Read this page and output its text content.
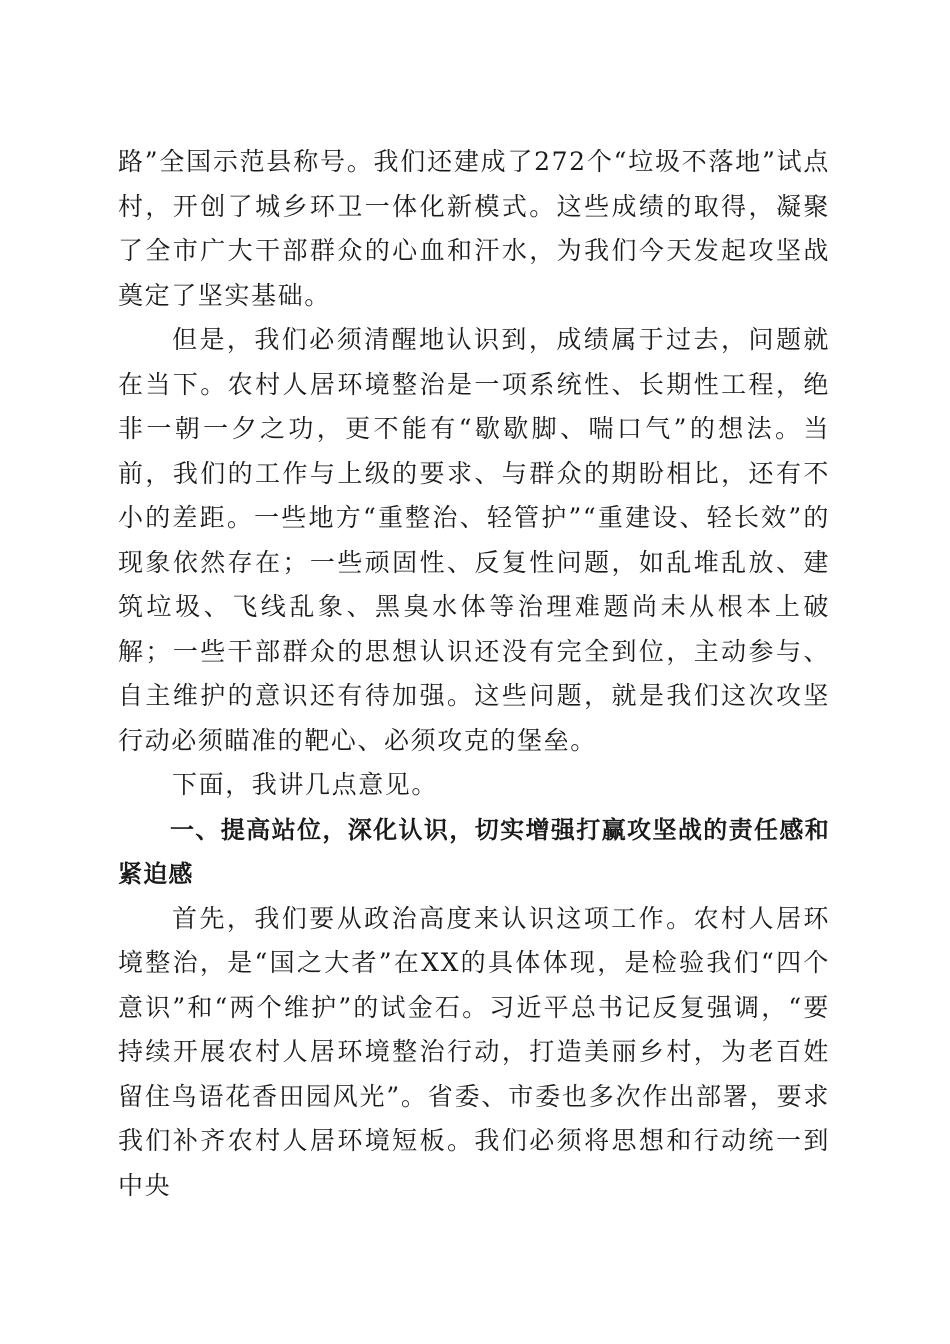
路”全国示范县称号。我们还建成了272个“垃圾不落地”试点村，开创了城乡环卫一体化新模式。这些成绩的取得，凝聚了全市广大干部群众的心血和汗水，为我们今天发起攻坚战奠定了坚实基础。

但是，我们必须清醒地认识到，成绩属于过去，问题就在当下。农村人居环境整治是一项系统性、长期性工程，绝非一朝一夕之功，更不能有“歇歇脚、喘口气”的想法。当前，我们的工作与上级的要求、与群众的期盼相比，还有不小的差距。一些地方“重整治、轻管护”“重建设、轻长效”的现象依然存在；一些顽固性、反复性问题，如乱堆乱放、建筑垃圾、飞线乱象、黑臭水体等治理难题尚未从根本上破解；一些干部群众的思想认识还没有完全到位，主动参与、自主维护的意识还有待加强。这些问题，就是我们这次攻坚行动必须瞄准的靶心、必须攻克的堡垒。

下面，我讲几点意见。

一、提高站位，深化认识，切实增强打赢攻坚战的责任感和紧迫感

首先，我们要从政治高度来认识这项工作。农村人居环境整治，是“国之大者”在XX的具体体现，是检验我们“四个意识”和“两个维护”的试金石。习近平总书记反复强调，“要持续开展农村人居环境整治行动，打造美丽乡村，为老百姓留住鸟语花香田园风光”。省委、市委也多次作出部署，要求我们补齐农村人居环境短板。我们必须将思想和行动统一到中央
